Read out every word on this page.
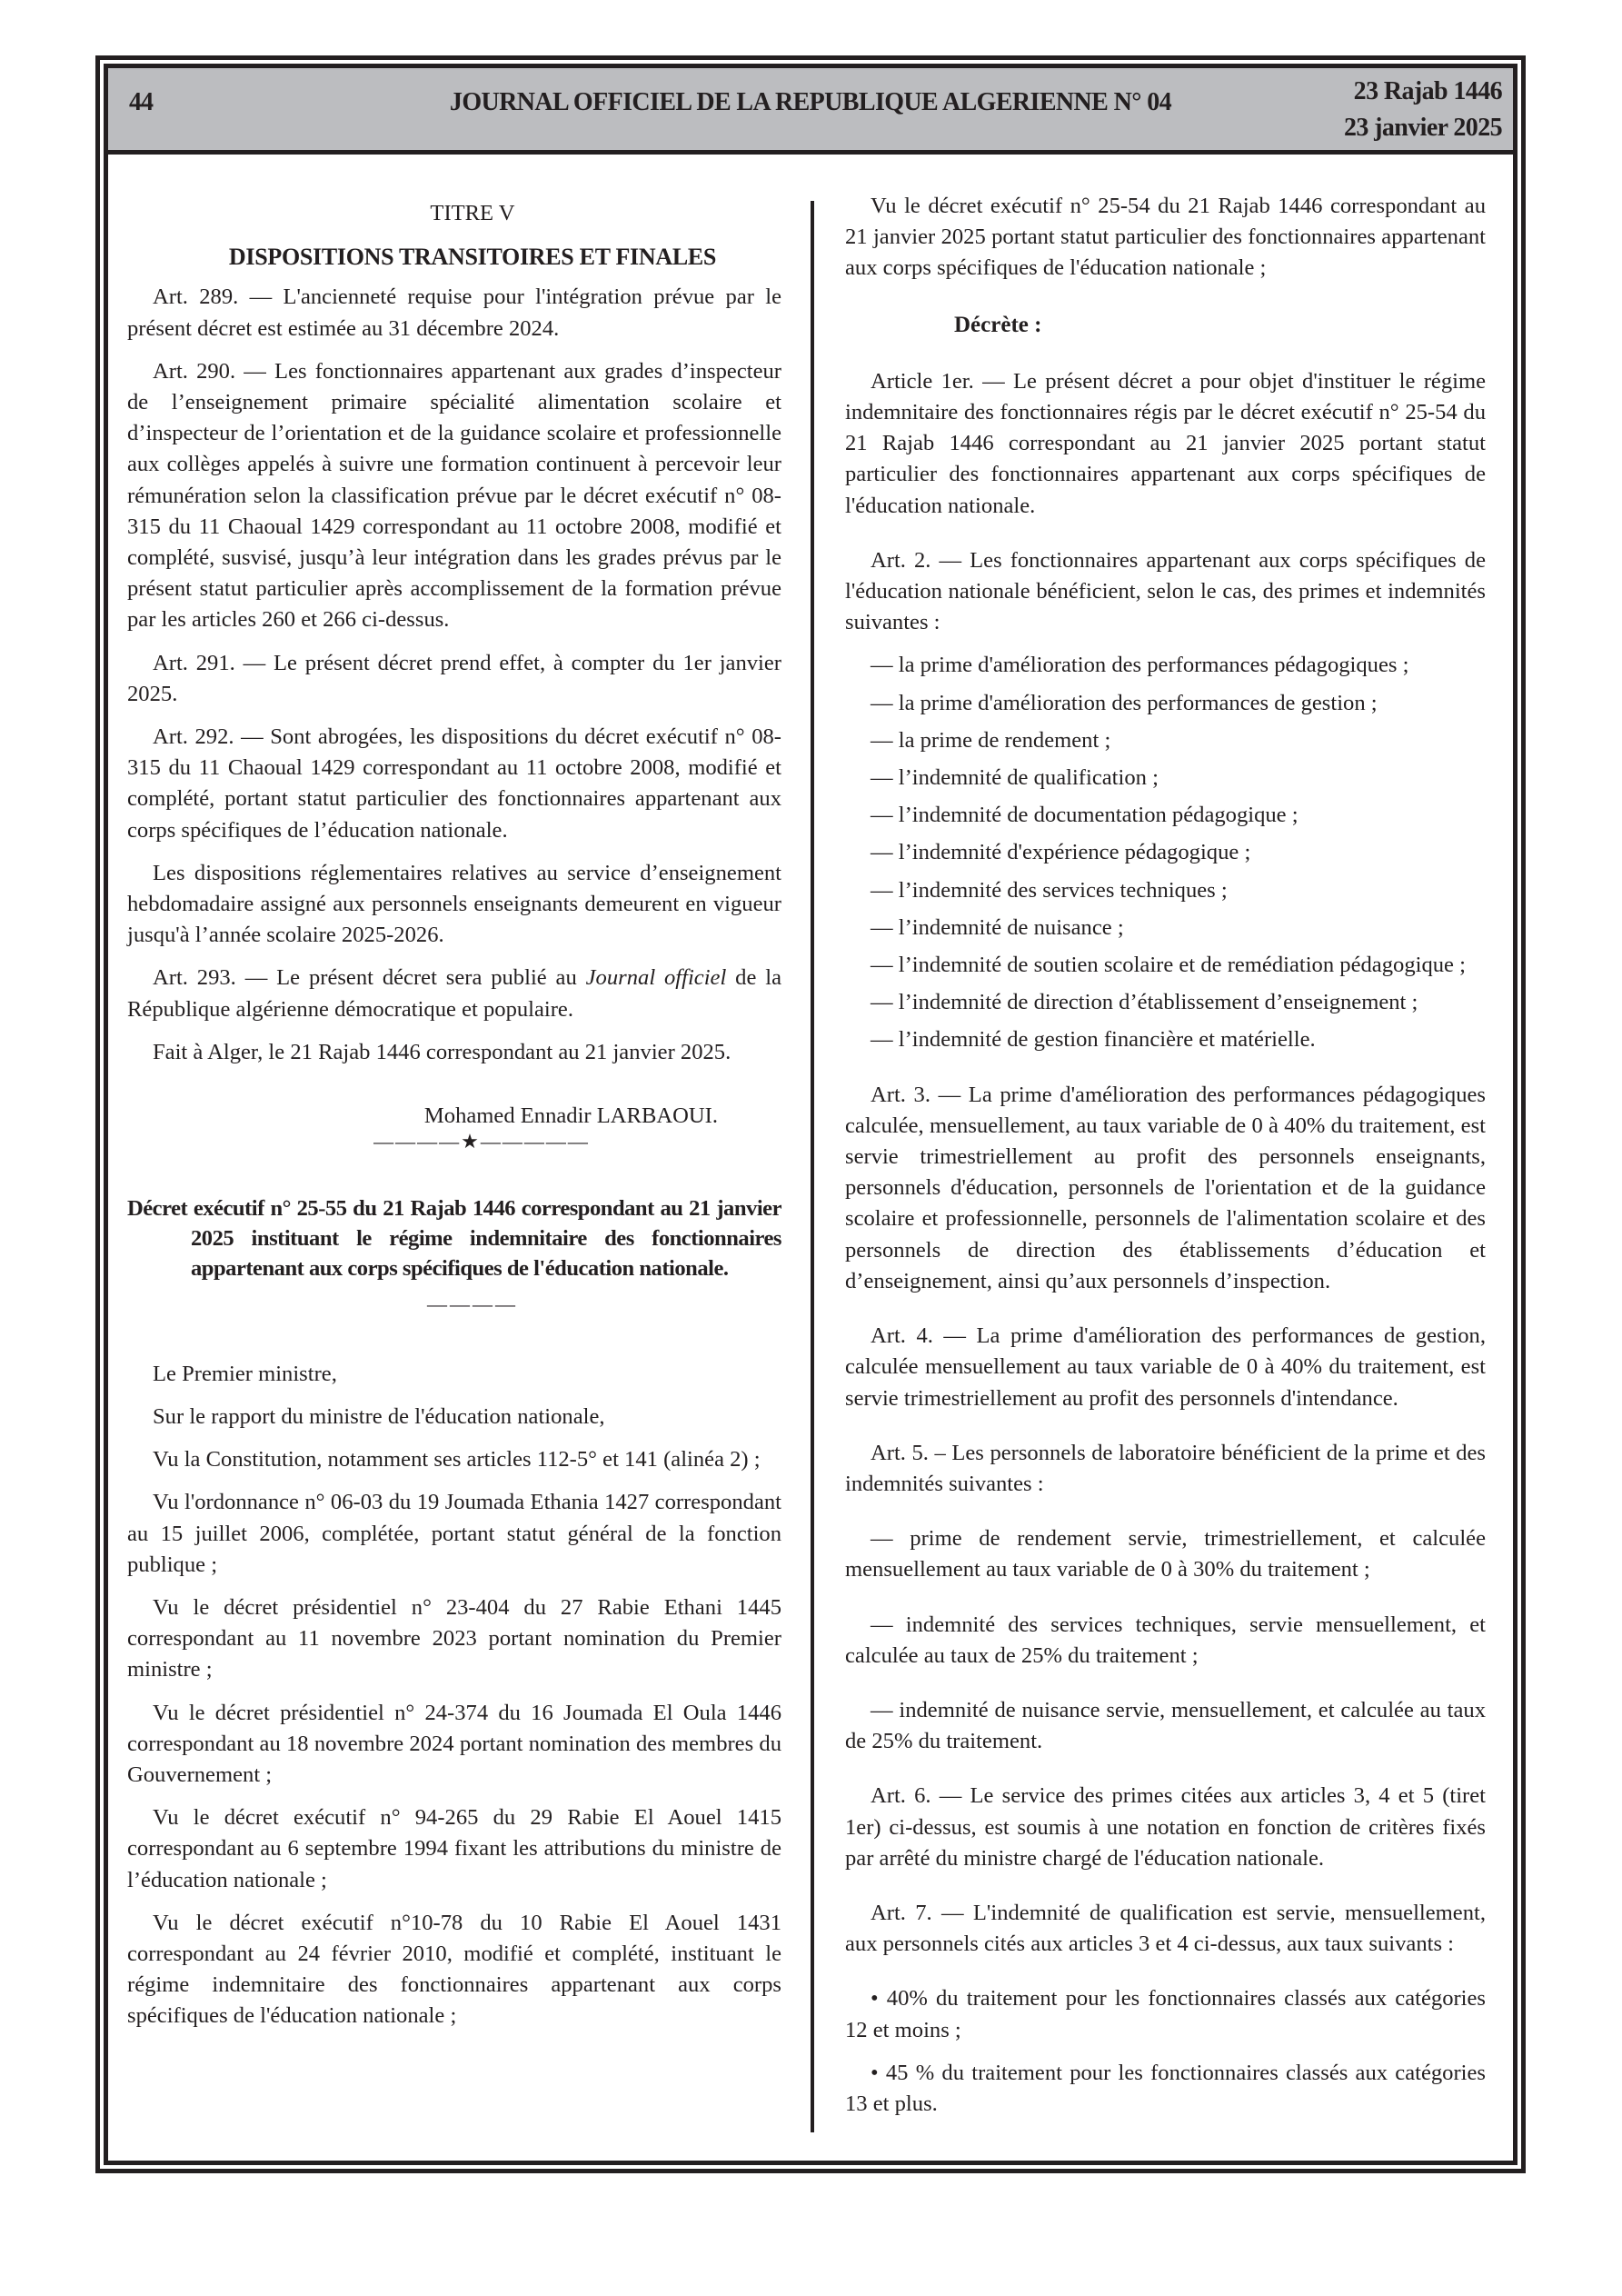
44	JOURNAL OFFICIEL DE LA REPUBLIQUE ALGERIENNE N° 04	23 Rajab 1446
23 janvier 2025

TITRE V

DISPOSITIONS TRANSITOIRES ET FINALES

Art. 289. — L'ancienneté requise pour l'intégration prévue par le présent décret est estimée au 31 décembre 2024.

Art. 290. — Les fonctionnaires appartenant aux grades d’inspecteur de l’enseignement primaire spécialité alimentation scolaire et d’inspecteur de l’orientation et de la guidance scolaire et professionnelle aux collèges appelés à suivre une formation continuent à percevoir leur rémunération selon la classification prévue par le décret exécutif n° 08-315 du 11 Chaoual 1429 correspondant au 11 octobre 2008, modifié et complété, susvisé, jusqu’à leur intégration dans les grades prévus par le présent statut particulier après accomplissement de la formation prévue par les articles 260 et 266 ci-dessus.

Art. 291. — Le présent décret prend effet, à compter du 1er janvier 2025.

Art. 292. — Sont abrogées, les dispositions du décret exécutif n° 08-315 du 11 Chaoual 1429 correspondant au 11 octobre 2008, modifié et complété, portant statut particulier des fonctionnaires appartenant aux corps spécifiques de l’éducation nationale.

Les dispositions réglementaires relatives au service d’enseignement hebdomadaire assigné aux personnels enseignants demeurent en vigueur jusqu'à l’année scolaire 2025-2026.

Art. 293. — Le présent décret sera publié au Journal officiel de la République algérienne démocratique et populaire.

Fait à Alger, le 21 Rajab 1446 correspondant au 21 janvier 2025.

Mohamed Ennadir LARBAOUI.

————★—————

Décret exécutif n° 25-55 du 21 Rajab 1446 correspondant au 21 janvier 2025 instituant le régime indemnitaire des fonctionnaires appartenant aux corps spécifiques de l'éducation nationale.

————

Le Premier ministre,

Sur le rapport du ministre de l'éducation nationale,

Vu la Constitution, notamment ses articles 112-5° et 141 (alinéa 2) ;

Vu l'ordonnance n° 06-03 du 19 Joumada Ethania 1427 correspondant au 15 juillet 2006, complétée, portant statut général de la fonction publique ;

Vu le décret présidentiel n° 23-404 du 27 Rabie Ethani 1445 correspondant au 11 novembre 2023 portant nomination du Premier ministre ;

Vu le décret présidentiel n° 24-374 du 16 Joumada El Oula 1446 correspondant au 18 novembre 2024 portant nomination des membres du Gouvernement ;

Vu le décret exécutif n° 94-265 du 29 Rabie El Aouel 1415 correspondant au 6 septembre 1994 fixant les attributions du ministre de l’éducation nationale ;

Vu le décret exécutif n°10-78 du 10 Rabie El Aouel 1431 correspondant au 24 février 2010, modifié et complété, instituant le régime indemnitaire des fonctionnaires appartenant aux corps spécifiques de l'éducation nationale ;

Vu le décret exécutif n° 25-54 du 21 Rajab 1446 correspondant au 21 janvier 2025 portant statut particulier des fonctionnaires appartenant aux corps spécifiques de l'éducation nationale ;

Décrète :

Article 1er. — Le présent décret a pour objet d'instituer le régime indemnitaire des fonctionnaires régis par le décret exécutif n° 25-54 du 21 Rajab 1446 correspondant au 21 janvier 2025 portant statut particulier des fonctionnaires appartenant aux corps spécifiques de l'éducation nationale.

Art. 2. — Les fonctionnaires appartenant aux corps spécifiques de l'éducation nationale bénéficient, selon le cas, des primes et indemnités suivantes :

— la prime d'amélioration des performances pédagogiques ;

— la prime d'amélioration des performances de gestion ;

— la prime de rendement ;

— l’indemnité de qualification ;

— l’indemnité de documentation pédagogique ;

— l’indemnité d'expérience pédagogique ;

— l’indemnité des services techniques ;

— l’indemnité de nuisance ;

— l’indemnité de soutien scolaire et de remédiation pédagogique ;

— l’indemnité de direction d’établissement d’enseignement ;

— l’indemnité de gestion financière et matérielle.

Art. 3. — La prime d'amélioration des performances pédagogiques calculée, mensuellement, au taux variable de 0 à 40% du traitement, est servie trimestriellement au profit des personnels enseignants, personnels d'éducation, personnels de l'orientation et de la guidance scolaire et professionnelle, personnels de l'alimentation scolaire et des personnels de direction des établissements d’éducation et d’enseignement, ainsi qu’aux personnels d’inspection.

Art. 4. — La prime d'amélioration des performances de gestion, calculée mensuellement au taux variable de 0 à 40% du traitement, est servie trimestriellement au profit des personnels d'intendance.

Art. 5. – Les personnels de laboratoire bénéficient de la prime et des indemnités suivantes :

— prime de rendement servie, trimestriellement, et calculée mensuellement au taux variable de 0 à 30% du traitement ;

— indemnité des services techniques, servie mensuellement, et calculée au taux de 25% du traitement ;

— indemnité de nuisance servie, mensuellement, et calculée au taux de 25% du traitement.

Art. 6. — Le service des primes citées aux articles 3, 4 et 5 (tiret 1er) ci-dessus, est soumis à une notation en fonction de critères fixés par arrêté du ministre chargé de l'éducation nationale.

Art. 7. — L'indemnité de qualification est servie, mensuellement, aux personnels cités aux articles 3 et 4 ci-dessus, aux taux suivants :

• 40% du traitement pour les fonctionnaires classés aux catégories 12 et moins ;

• 45 % du traitement pour les fonctionnaires classés aux catégories 13 et plus.
